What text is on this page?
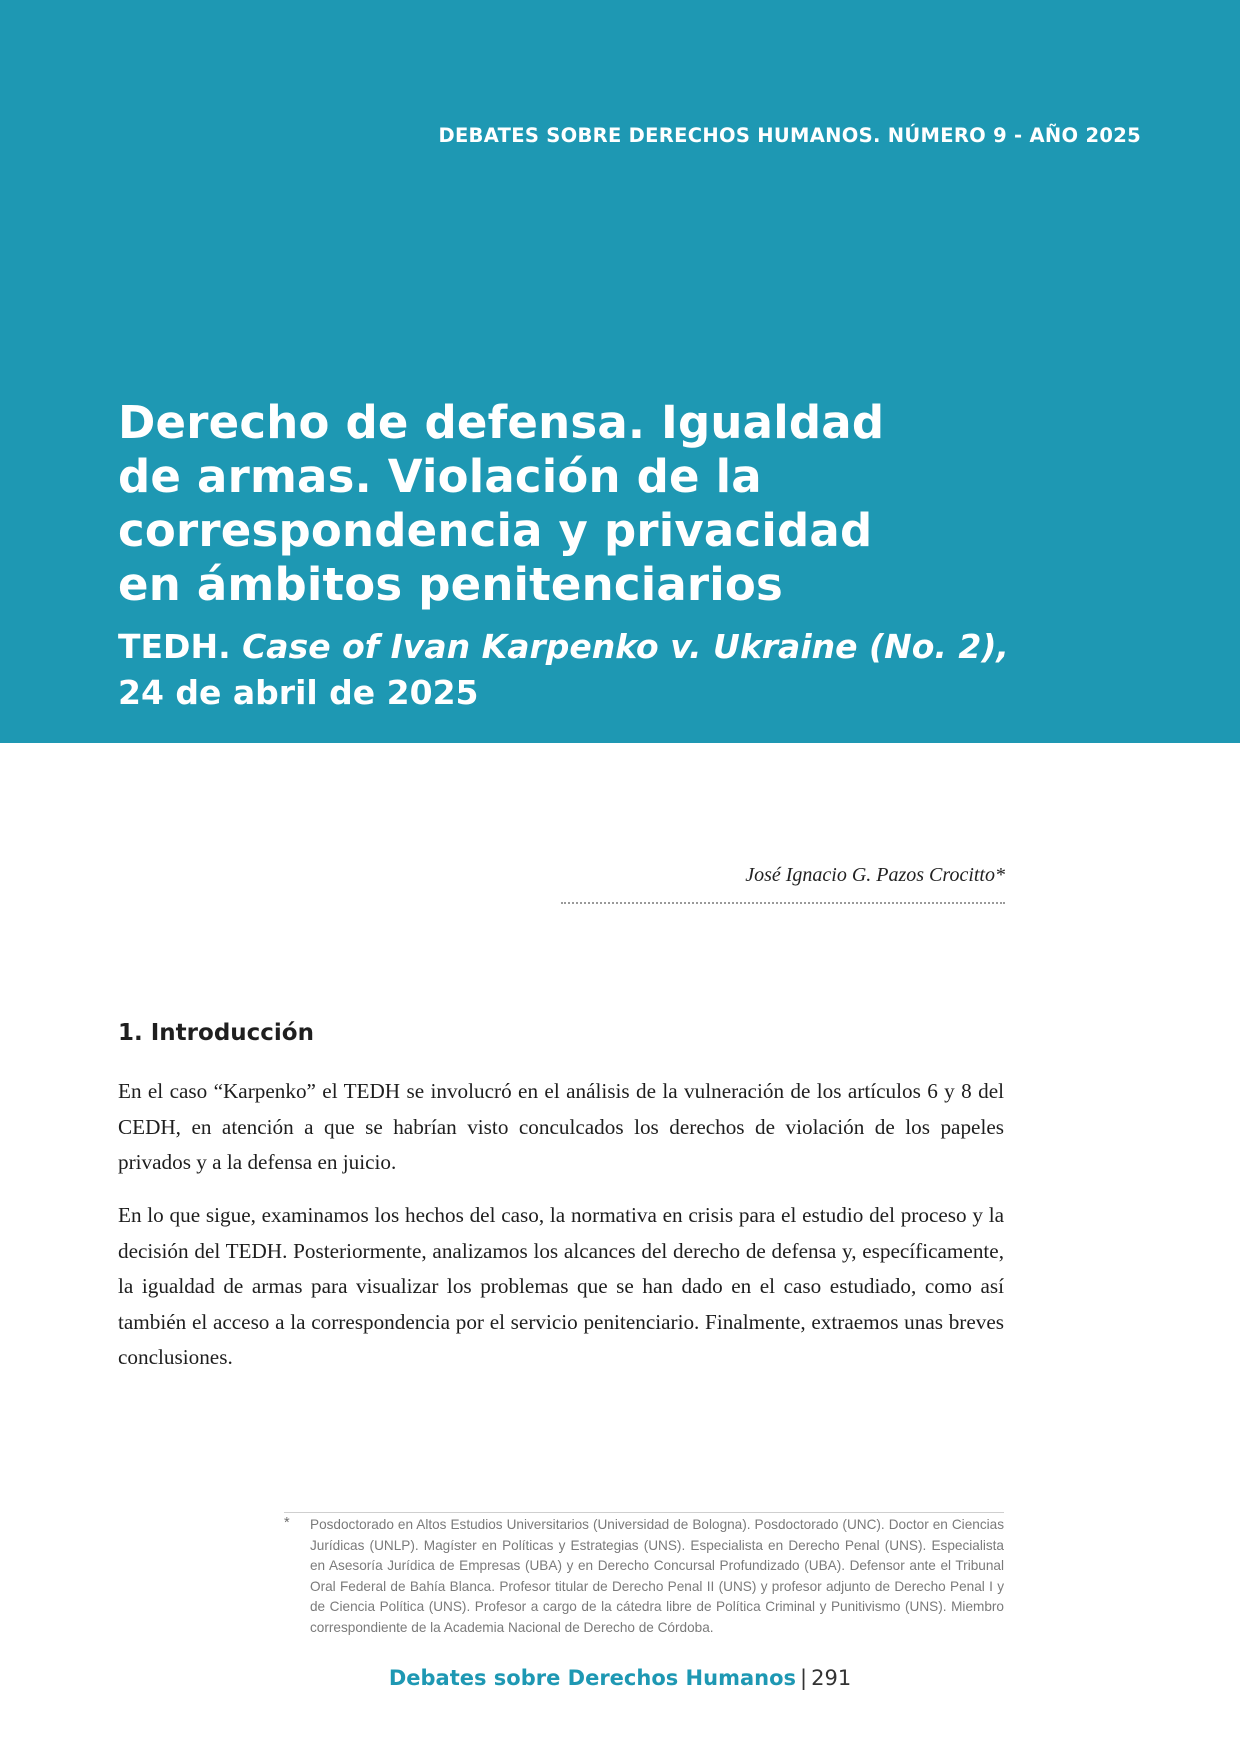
DEBATES SOBRE DERECHOS HUMANOS. NÚMERO 9 - AÑO 2025
Derecho de defensa. Igualdad
de armas. Violación de la
correspondencia y privacidad
en ámbitos penitenciarios
TEDH. Case of Ivan Karpenko v. Ukraine (No. 2),
24 de abril de 2025
José Ignacio G. Pazos Crocitto*
1. Introducción

En el caso “Karpenko” el TEDH se involucró en el análisis de la vulneración de los artículos 6 y 8 del CEDH, en atención a que se habrían visto conculcados los derechos de violación de los papeles privados y a la defensa en juicio.

En lo que sigue, examinamos los hechos del caso, la normativa en crisis para el estudio del proceso y la decisión del TEDH. Posteriormente, analizamos los alcances del derecho de defensa y, específicamente, la igualdad de armas para visualizar los problemas que se han dado en el caso estudiado, como así también el acceso a la correspondencia por el servicio penitenciario. Finalmente, extraemos unas breves conclusiones.

* Posdoctorado en Altos Estudios Universitarios (Universidad de Bologna). Posdoctorado (UNC). Doctor en Ciencias Jurídicas (UNLP). Magíster en Políticas y Estrategias (UNS). Especialista en Derecho Penal (UNS). Especialista en Asesoría Jurídica de Empresas (UBA) y en Derecho Concursal Profundizado (UBA). Defensor ante el Tribunal Oral Federal de Bahía Blanca. Profesor titular de Derecho Penal II (UNS) y profesor adjunto de Derecho Penal I y de Ciencia Política (UNS). Profesor a cargo de la cátedra libre de Política Criminal y Punitivismo (UNS). Miembro correspondiente de la Academia Nacional de Derecho de Córdoba.

Debates sobre Derechos Humanos | 291
